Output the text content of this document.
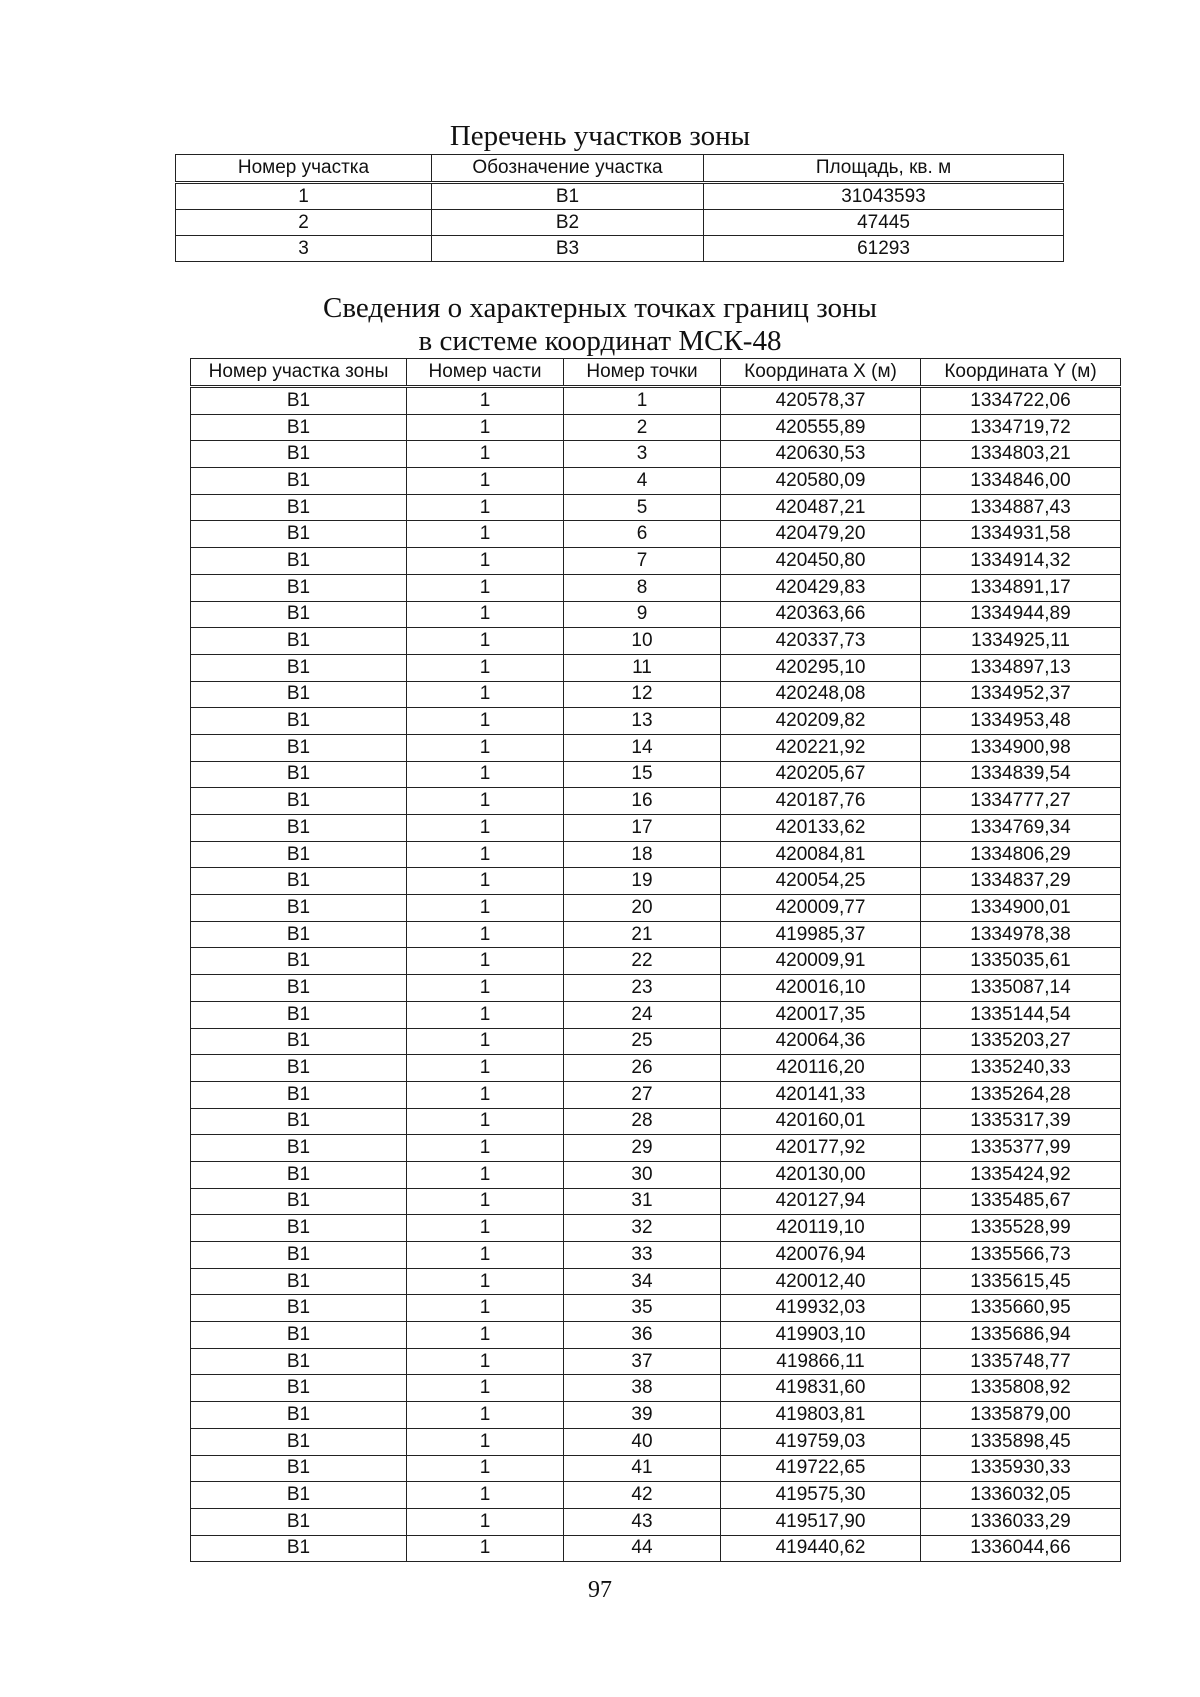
Перечень участков зоны
Номер участка	Обозначение участка	Площадь, кв. м
1	В1	31043593
2	В2	47445
3	В3	61293
Сведения о характерных точках границ зоны
в системе координат МСК-48
Номер участка зоны	Номер части	Номер точки	Координата X (м)	Координата Y (м)
В1	1	1	420578,37	1334722,06
В1	1	2	420555,89	1334719,72
В1	1	3	420630,53	1334803,21
В1	1	4	420580,09	1334846,00
В1	1	5	420487,21	1334887,43
В1	1	6	420479,20	1334931,58
В1	1	7	420450,80	1334914,32
В1	1	8	420429,83	1334891,17
В1	1	9	420363,66	1334944,89
В1	1	10	420337,73	1334925,11
В1	1	11	420295,10	1334897,13
В1	1	12	420248,08	1334952,37
В1	1	13	420209,82	1334953,48
В1	1	14	420221,92	1334900,98
В1	1	15	420205,67	1334839,54
В1	1	16	420187,76	1334777,27
В1	1	17	420133,62	1334769,34
В1	1	18	420084,81	1334806,29
В1	1	19	420054,25	1334837,29
В1	1	20	420009,77	1334900,01
В1	1	21	419985,37	1334978,38
В1	1	22	420009,91	1335035,61
В1	1	23	420016,10	1335087,14
В1	1	24	420017,35	1335144,54
В1	1	25	420064,36	1335203,27
В1	1	26	420116,20	1335240,33
В1	1	27	420141,33	1335264,28
В1	1	28	420160,01	1335317,39
В1	1	29	420177,92	1335377,99
В1	1	30	420130,00	1335424,92
В1	1	31	420127,94	1335485,67
В1	1	32	420119,10	1335528,99
В1	1	33	420076,94	1335566,73
В1	1	34	420012,40	1335615,45
В1	1	35	419932,03	1335660,95
В1	1	36	419903,10	1335686,94
В1	1	37	419866,11	1335748,77
В1	1	38	419831,60	1335808,92
В1	1	39	419803,81	1335879,00
В1	1	40	419759,03	1335898,45
В1	1	41	419722,65	1335930,33
В1	1	42	419575,30	1336032,05
В1	1	43	419517,90	1336033,29
В1	1	44	419440,62	1336044,66
97
